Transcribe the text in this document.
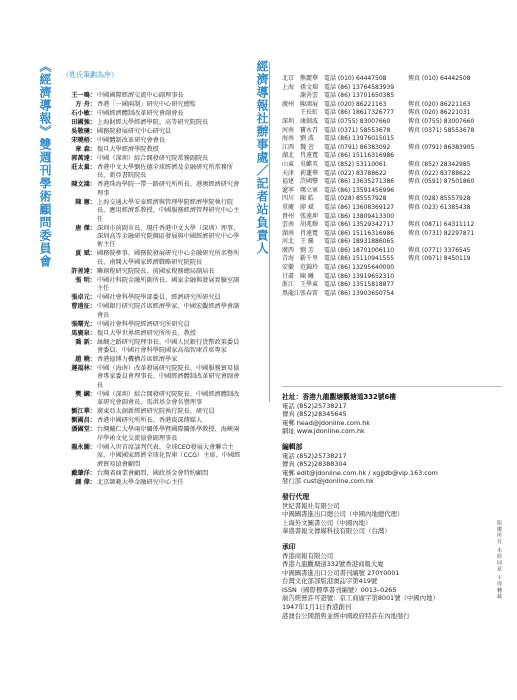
《經濟導報》雙週刊學術顧問委員會 （姓氏筆劃為序）
王一鳴： 中國國際經濟交流中心副理事長
方 舟： 香港「一國兩制」研究中心研究總監
石小敏： 中國經濟體制改革研究會副會長
田國強： 上海財經大學經濟學院、高等研究院院長
吳敬璉： 國務院發展研究中心研究員
宋曉梧： 中國體制改革研究會會長
章 森： 復旦大學經濟學院教授
郭萬達： 中國（深圳）綜合開發研究院常務副院長
莊太量： 香港中文大學劉佐德全球經濟及金融研究所常務所長、新亞書院院長
陳文鴻： 香港珠海學院一帶一路研究所所長、港澳經濟研究會理事
陳 憲： 上海交通大學安泰經濟與管理學院經濟學院執行院長、應用經濟系教授、中國服務經濟管理研究中心主任
唐 傑： 深圳市前副市長、現任香港中文大學（深圳）理事、深圳高等金融研究院灣區發展與中國經濟研究中心學術主任
夏 斌： 國務院參事、國務院發展研究中心金融研究所名譽所長、南開大學國家經濟戰略研究院院長
許善達： 聯創稅研究院院長、前國家稅務總局副局長
張 明： 中國社科院金融所副所長、國家金融與發展實驗室副主任
張卓元： 中國社會科學院學部委員、經濟研究所研究員
曹遠征： 中國銀行研究院首席經濟學家、中國宏觀經濟學會副會長
張曙光： 中國社會科學院經濟研究所研究員
馬廣泉： 復旦大學世界經濟研究所所長、教授
喬 新： 絲綢之路研究院理事長、中國人民銀行貨幣政策委員會委員、中國社會科學院國家高端智庫首席專家
趙 曉： 香港億博力機構首席經濟學家
遲福林： 中國（海南）改革發展研究院院長、中國服務貿易協會專家委員會理事長、中國經濟體制改革研究會副會長
樊 綱： 中國（深圳）綜合開發研究院院長、中國經濟體制改革研究會副會長、馬洪基金會名譽理事
劉江華： 廣東亞太創新經濟研究院執行院長、研究員
劉國昌： 香港中國研究所所長、香港資深傳媒人
潘國堂： 台灣輔仁大學兩岸關係學暨國際關係學教授、海峽兩岸學術文化交流協會副理事長
龍永圖： 中國入世首席談判代表、全球CEO發展大會聯合主席、中國國家經濟全球化智庫（CCG）主席、中國經濟貿易協會顧問
戴肇洋： 台灣省商業會顧問、國政基金會特約顧問
鍾 偉： 北京師範大學金融研究中心主任
經濟導報社辦事處／記者站負責人 北京 熊麗華 電話 (010) 64447508	傳真 (010) 64442508
上海 孫文瑞 電話 (86) 13764583939
謝善雲 電話 (86) 13701650385
廣州 陳鴻展 電話 (020) 86221163	傳真 (020) 86221163
王長虹 電話 (86) 18617326777	傳真 (020) 86221031
深圳 康劍波 電話 (0755) 83007660	傳真 (0755) 83007660
河南 寶永召 電話 (0371) 58553678	傳真 (0371) 58553678
海南 劉 波	電話 (86) 13976015015
江西 魏 萱	電話 (0791) 86383092	傳真 (0791) 86383905
湖北 肖遠寬 電話 (86) 15116316986
山東 吳麒英 電話 (852) 53110061	傳真 (852) 28342985
天津 莉蓮華 電話 (022) 83788622	傳真 (022) 83788622
福建 許國豐 電話 (86) 13635271386	傳真 (0591) 87501860
遼寧 鄭立軍 電話 (86) 13591456996
四川 陳 皓	電話 (028) 85557928	傳真 (028) 85557928
重慶 廖 斌	電話 (86) 13608369127	傳真 (023) 61385438
貴州 張遠坤 電話 (86) 13809413300
雲南 胡兆輝 電話 (86) 13529342717	傳真 (0871) 64311112
湖南 肖遠寬 電話 (86) 15116316986	傳真 (0731) 82297871
河北 王 騰	電話 (86) 18931886065
廣西 劉 芳	電話 (86) 18701006110	傳真 (0771) 3376545
青海 靳千里 電話 (86) 15110941555	傳真 (0971) 8450119
安徽 范錦玲 電話 (86) 13295640000
甘肅 陳 曦	電話 (86) 13919652310
浙江 王學東 電話 (86) 13515818877
黑龍江 張春雷 電話 (86) 13903650754
社址：香港九龍觀塘觀塘道332號6樓
電話 (852)25738217
傳真 (852)28345645
電郵 head@jdonline.com.hk
網址 www.jdonline.com.hk
編輯部
電話 (852)25738217
傳真 (852)28388304
電郵 edit@jdonline.com.hk / xgjjdb@vip.163.com
發行部 cust@jdonline.com.hk
發行代理
世紀書報社有限公司
中國圖書進出口總公司（中國內地總代理）
上海外文圖書公司（中國內地）
華盛書報文傳媒科技有限公司（台灣）
承印
香港商報有限公司
香港九龍觀塘道332號香港商報大廈
中國圖書進出口公司書刊編號 270Y0001
台灣文化部部版港澳誌字第419號
ISSN（國際標準書刊編號）0013–0265
廣告經營許可證號：京工商廣字第8001號（中國內地）
1947年1月1日香港創刊
港澳台公開銷售並經中國政府特許在內地發行
版權所有 未經同意 不得轉載
